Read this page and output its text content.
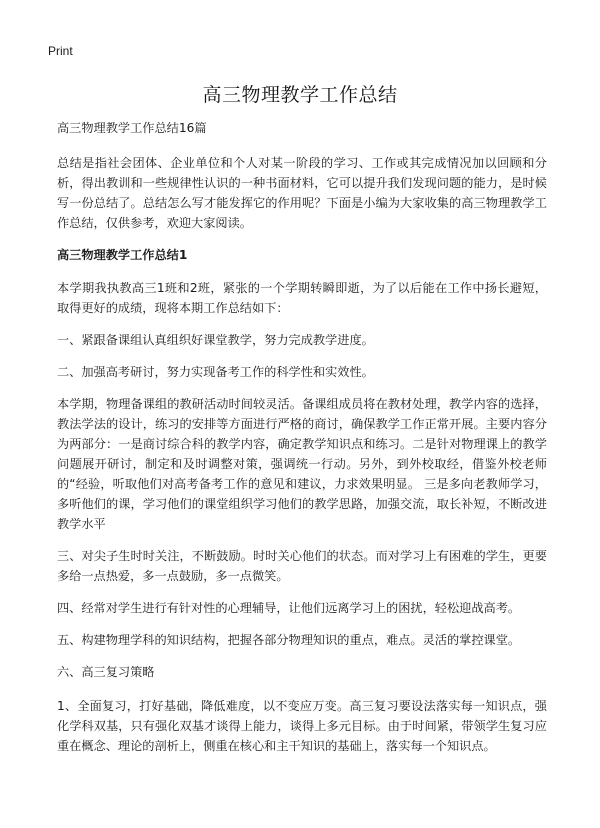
Print
高三物理教学工作总结

高三物理教学工作总结16篇

总结是指社会团体、企业单位和个人对某一阶段的学习、工作或其完成情况加以回顾和分析，得出教训和一些规律性认识的一种书面材料，它可以提升我们发现问题的能力，是时候写一份总结了。总结怎么写才能发挥它的作用呢？下面是小编为大家收集的高三物理教学工作总结，仅供参考，欢迎大家阅读。

高三物理教学工作总结1

本学期我执教高三1班和2班，紧张的一个学期转瞬即逝，为了以后能在工作中扬长避短，取得更好的成绩，现将本期工作总结如下：

一、紧跟备课组认真组织好课堂教学，努力完成教学进度。

二、加强高考研讨，努力实现备考工作的科学性和实效性。

本学期，物理备课组的教研活动时间较灵活。备课组成员将在教材处理，教学内容的选择，教法学法的设计，练习的安排等方面进行严格的商讨，确保教学工作正常开展。主要内容分为两部分：一是商讨综合科的教学内容，确定教学知识点和练习。二是针对物理课上的教学问题展开研讨，制定和及时调整对策，强调统一行动。另外，到外校取经，借鉴外校老师的“经验，听取他们对高考备考工作的意见和建议，力求效果明显。 三是多向老教师学习，多听他们的课，学习他们的课堂组织学习他们的教学思路，加强交流，取长补短，不断改进教学水平

三、对尖子生时时关注，不断鼓励。时时关心他们的状态。而对学习上有困难的学生，更要多给一点热爱，多一点鼓励，多一点微笑。

四、经常对学生进行有针对性的心理辅导，让他们远离学习上的困扰，轻松迎战高考。

五、构建物理学科的知识结构，把握各部分物理知识的重点，难点。灵活的掌控课堂。

六、高三复习策略

1、全面复习，打好基础，降低难度，以不变应万变。高三复习要设法落实每一知识点，强化学科双基，只有强化双基才谈得上能力，谈得上多元目标。由于时间紧，带领学生复习应重在概念、理论的剖析上，侧重在核心和主干知识的基础上，落实每一个知识点。
